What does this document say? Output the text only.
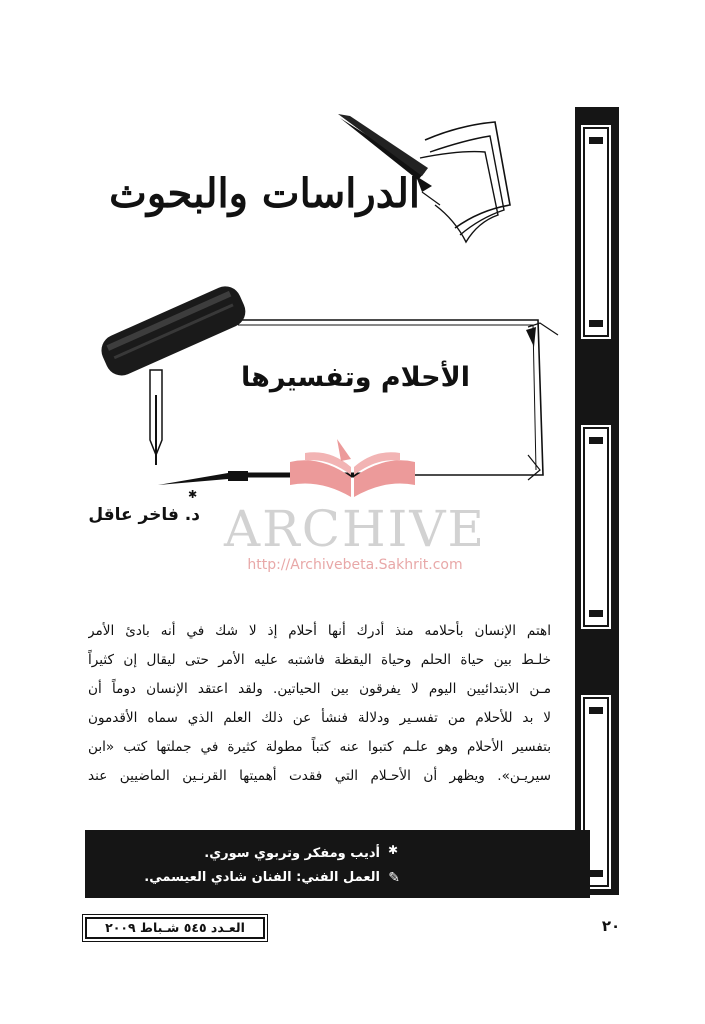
الدراسات والبحوث
الأحلام وتفسيرها
✱
د. فاخر عاقل ARCHIVE
http://Archivebeta.Sakhrit.com
اهتم الإنسان بأحلامه منذ أدرك أنها أحلام إذ لا شك في أنه بادئ الأمر
خلـط بين حياة الحلم وحياة اليقظة فاشتبه عليه الأمر حتى ليقال إن كثيراً
مـن الابتدائيين اليوم لا يفرقون بين الحياتين. ولقد اعتقد الإنسان دوماً أن
لا بد للأحلام من تفسـير ودلالة فنشأ عن ذلك العلم الذي سماه الأقدمون
بتفسير الأحلام وهو علـم كتبوا عنه كتباً مطولة كثيرة في جملتها كتب «ابن
سيريـن». ويظهر أن الأحـلام التي فقدت أهميتها القرنـين الماضيين عند
✱
أديب ومفكر وتربوي سوري.
✎
العمل الفني: الفنان شادي العيسمي.
العـدد ٥٤٥ شـباط ٢٠٠٩	٢٠
